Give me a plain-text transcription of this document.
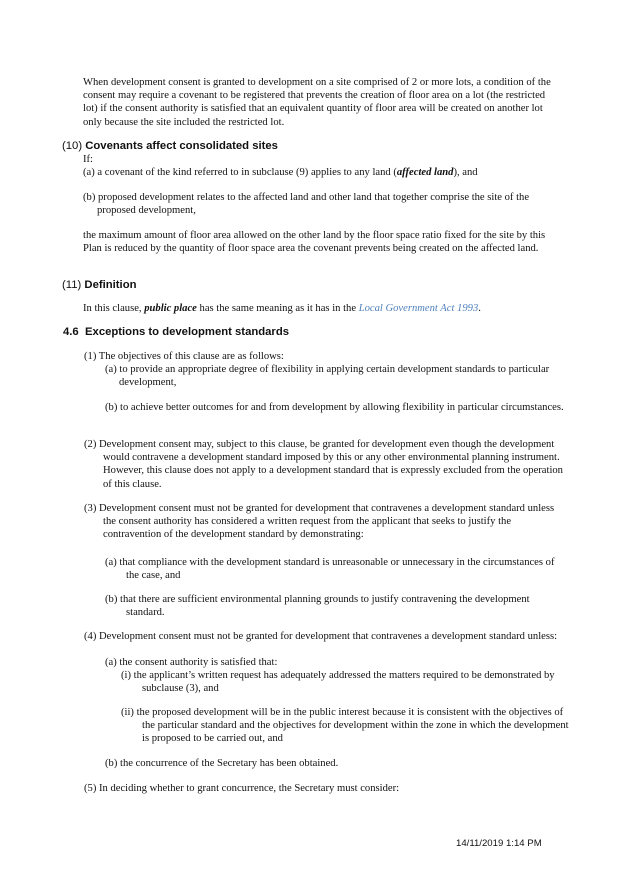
When development consent is granted to development on a site comprised of 2 or more lots, a condition of the consent may require a covenant to be registered that prevents the creation of floor area on a lot (the restricted lot) if the consent authority is satisfied that an equivalent quantity of floor area will be created on another lot only because the site included the restricted lot.

(10) Covenants affect consolidated sites

If:

(a) a covenant of the kind referred to in subclause (9) applies to any land (affected land), and

(b) proposed development relates to the affected land and other land that together comprise the site of the proposed development,

the maximum amount of floor area allowed on the other land by the floor space ratio fixed for the site by this Plan is reduced by the quantity of floor space area the covenant prevents being created on the affected land.

(11) Definition

In this clause, public place has the same meaning as it has in the Local Government Act 1993.

4.6 Exceptions to development standards

(1) The objectives of this clause are as follows:

(a) to provide an appropriate degree of flexibility in applying certain development standards to particular development,

(b) to achieve better outcomes for and from development by allowing flexibility in particular circumstances.

(2) Development consent may, subject to this clause, be granted for development even though the development would contravene a development standard imposed by this or any other environmental planning instrument. However, this clause does not apply to a development standard that is expressly excluded from the operation of this clause.

(3) Development consent must not be granted for development that contravenes a development standard unless the consent authority has considered a written request from the applicant that seeks to justify the contravention of the development standard by demonstrating:

(a) that compliance with the development standard is unreasonable or unnecessary in the circumstances of the case, and

(b) that there are sufficient environmental planning grounds to justify contravening the development standard.

(4) Development consent must not be granted for development that contravenes a development standard unless:

(a) the consent authority is satisfied that:

(i) the applicant’s written request has adequately addressed the matters required to be demonstrated by subclause (3), and

(ii) the proposed development will be in the public interest because it is consistent with the objectives of the particular standard and the objectives for development within the zone in which the development is proposed to be carried out, and

(b) the concurrence of the Secretary has been obtained.

(5) In deciding whether to grant concurrence, the Secretary must consider:

14/11/2019 1:14 PM
